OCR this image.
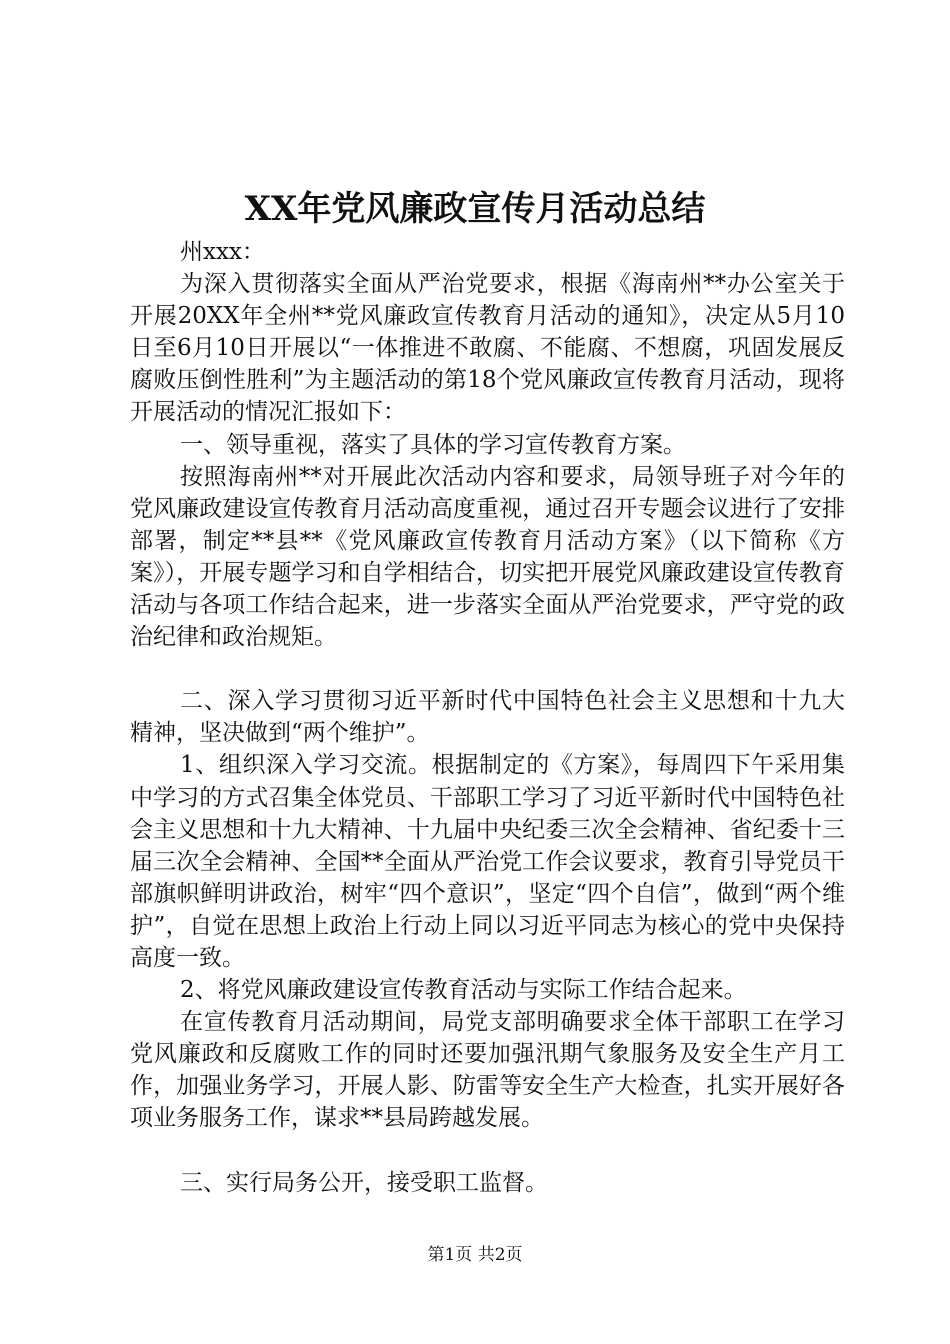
XX年党风廉政宣传月活动总结

州xxx：

为深入贯彻落实全面从严治党要求，根据《海南州**办公室关于开展20XX年全州**党风廉政宣传教育月活动的通知》，决定从5月10日至6月10日开展以“一体推进不敢腐、不能腐、不想腐，巩固发展反腐败压倒性胜利”为主题活动的第18个党风廉政宣传教育月活动，现将开展活动的情况汇报如下：

一、领导重视，落实了具体的学习宣传教育方案。

按照海南州**对开展此次活动内容和要求，局领导班子对今年的党风廉政建设宣传教育月活动高度重视，通过召开专题会议进行了安排部署，制定**县**《党风廉政宣传教育月活动方案》（以下简称《方案》），开展专题学习和自学相结合，切实把开展党风廉政建设宣传教育活动与各项工作结合起来，进一步落实全面从严治党要求，严守党的政治纪律和政治规矩。

二、深入学习贯彻习近平新时代中国特色社会主义思想和十九大精神，坚决做到“两个维护”。

1、组织深入学习交流。根据制定的《方案》，每周四下午采用集中学习的方式召集全体党员、干部职工学习了习近平新时代中国特色社会主义思想和十九大精神、十九届中央纪委三次全会精神、省纪委十三届三次全会精神、全国**全面从严治党工作会议要求，教育引导党员干部旗帜鲜明讲政治，树牢“四个意识”，坚定“四个自信”，做到“两个维护”，自觉在思想上政治上行动上同以习近平同志为核心的党中央保持高度一致。

2、将党风廉政建设宣传教育活动与实际工作结合起来。

在宣传教育月活动期间，局党支部明确要求全体干部职工在学习党风廉政和反腐败工作的同时还要加强汛期气象服务及安全生产月工作，加强业务学习，开展人影、防雷等安全生产大检查，扎实开展好各项业务服务工作，谋求**县局跨越发展。

三、实行局务公开，接受职工监督。

第1页 共2页
